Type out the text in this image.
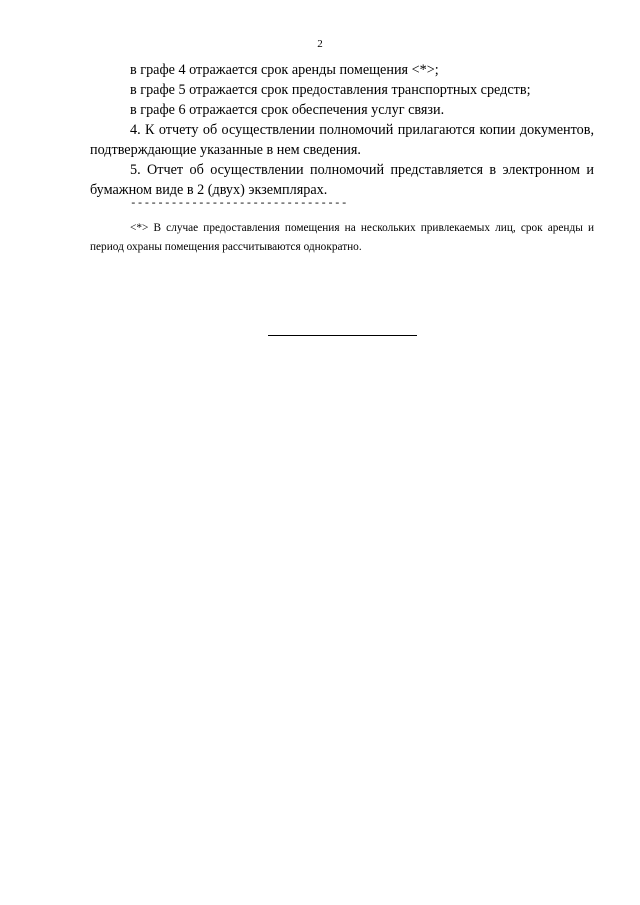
2

в графе 4 отражается срок аренды помещения <*>;

в графе 5 отражается срок предоставления транспортных средств;

в графе 6 отражается срок обеспечения услуг связи.

4. К отчету об осуществлении полномочий прилагаются копии документов, подтверждающие указанные в нем сведения.

5. Отчет об осуществлении полномочий представляется в электронном и бумажном виде в 2 (двух) экземплярах.

--------------------------------

<*> В случае предоставления помещения на нескольких привлекаемых лиц, срок аренды и период охраны помещения рассчитываются однократно.
